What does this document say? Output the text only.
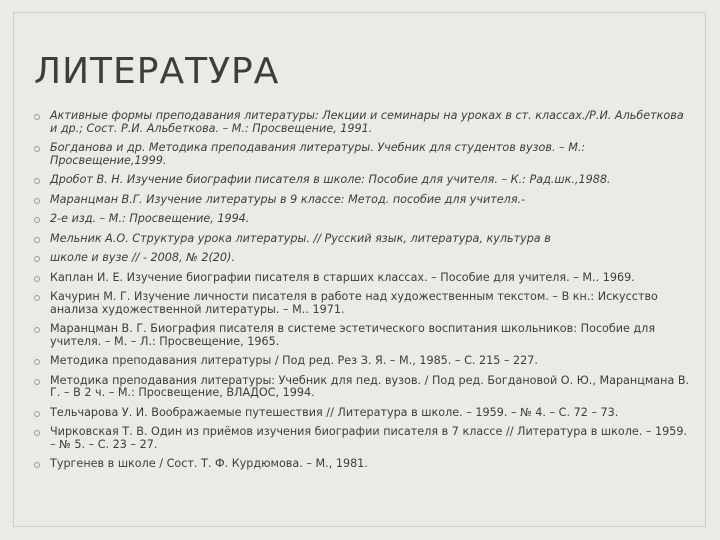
ЛИТЕРАТУРА
Активные формы преподавания литературы: Лекции и семинары на уроках в ст. классах./Р.И. Альбеткова и др.; Сост. Р.И. Альбеткова. – М.: Просвещение, 1991.
Богданова и др. Методика преподавания литературы. Учебник для студентов вузов. – М.: Просвещение,1999.
Дробот В. Н. Изучение биографии писателя в школе: Пособие для учителя. – К.: Рад.шк.,1988.
Маранцман В.Г. Изучение литературы в 9 классе: Метод. пособие для учителя.-
2-е изд. – М.: Просвещение, 1994.
Мельник А.О. Структура урока литературы. // Русский язык, литература, культура в
школе и вузе // - 2008, № 2(20).
Каплан И. Е. Изучение биографии писателя в старших классах. – Пособие для учителя. – М.. 1969.
Качурин М. Г. Изучение личности писателя в работе над художественным текстом. – В кн.: Искусство анализа художественной литературы. – М.. 1971.
Маранцман В. Г. Биография писателя в системе эстетического воспитания школьников: Пособие для учителя. – М. – Л.: Просвещение, 1965.
Методика преподавания литературы / Под ред. Рез З. Я. – М., 1985. – С. 215 – 227.
Методика преподавания литературы: Учебник для пед. вузов. / Под ред. Богдановой О. Ю., Маранцмана В. Г. – В 2 ч. – М.: Просвещение, ВЛАДОС, 1994.
Тельчарова У. И. Воображаемые путешествия // Литература в школе. – 1959. – № 4. – С. 72 – 73.
Чирковская Т. В. Один из приёмов изучения биографии писателя в 7 классе // Литература в школе. – 1959. – № 5. – С. 23 – 27.
Тургенев в школе / Сост. Т. Ф. Курдюмова. – М., 1981.
